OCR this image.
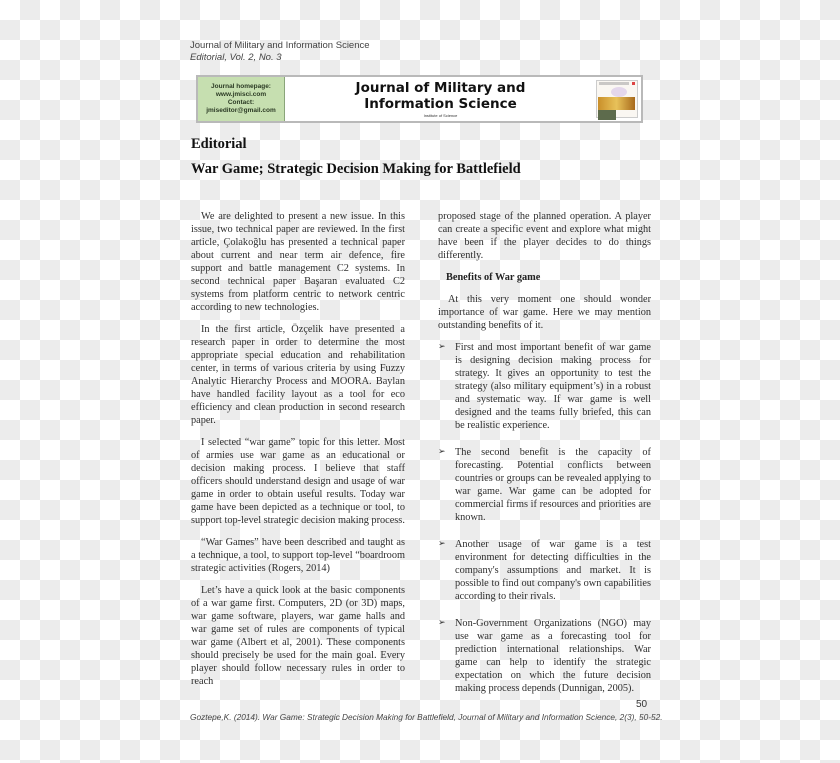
Journal of Military and Information Science
Editorial, Vol. 2, No. 3
Journal homepage:
www.jmisci.com
Contact:
jmiseditor@gmail.com
Journal of Military and
Information Science
Institute of Science
Editorial
War Game; Strategic Decision Making for Battlefield

We are delighted to present a new issue. In this issue, two technical paper are reviewed. In the first article, Çolakoğlu has presented a technical paper about current and near term air defence, fire support and battle management C2 systems. In second technical paper Başaran evaluated C2 systems from platform centric to network centric according to new technologies.

In the first article, Özçelik have presented a research paper in order to determine the most appropriate special education and rehabilitation center, in terms of various criteria by using Fuzzy Analytic Hierarchy Process and MOORA. Baylan have handled facility layout as a tool for eco efficiency and clean production in second research paper.

I selected “war game” topic for this letter. Most of armies use war game as an educational or decision making process. I believe that staff officers should understand design and usage of war game in order to obtain useful results. Today war game have been depicted as a technique or tool, to support top-level strategic decision making process.

“War Games” have been described and taught as a technique, a tool, to support top-level “boardroom strategic activities (Rogers, 2014)

Let’s have a quick look at the basic components of a war game first. Computers, 2D (or 3D) maps, war game software, players, war game halls and war game set of rules are components of typical war game (Albert et al, 2001). These components should precisely be used for the main goal. Every player should follow necessary rules in order to reach

proposed stage of the planned operation. A player can create a specific event and explore what might have been if the player decides to do things differently.

Benefits of War game

At this very moment one should wonder importance of war game. Here we may mention outstanding benefits of it.

➢ First and most important benefit of war game is designing decision making process for strategy. It gives an opportunity to test the strategy (also military equipment’s) in a robust and systematic way. If war game is well designed and the teams fully briefed, this can be realistic experience.
➢ The second benefit is the capacity of forecasting. Potential conflicts between countries or groups can be revealed applying to war game. War game can be adopted for commercial firms if resources and priorities are known.
➢ Another usage of war game is a test environment for detecting difficulties in the company's assumptions and market. It is possible to find out company's own capabilities according to their rivals.
➢ Non-Government Organizations (NGO) may use war game as a forecasting tool for prediction international relationships. War game can help to identify the strategic expectation on which the future decision making process depends (Dunnigan, 2005).
50
Goztepe,K. (2014). War Game: Strategic Decision Making for Battlefield, Journal of Military and Information Science, 2(3), 50-52.
